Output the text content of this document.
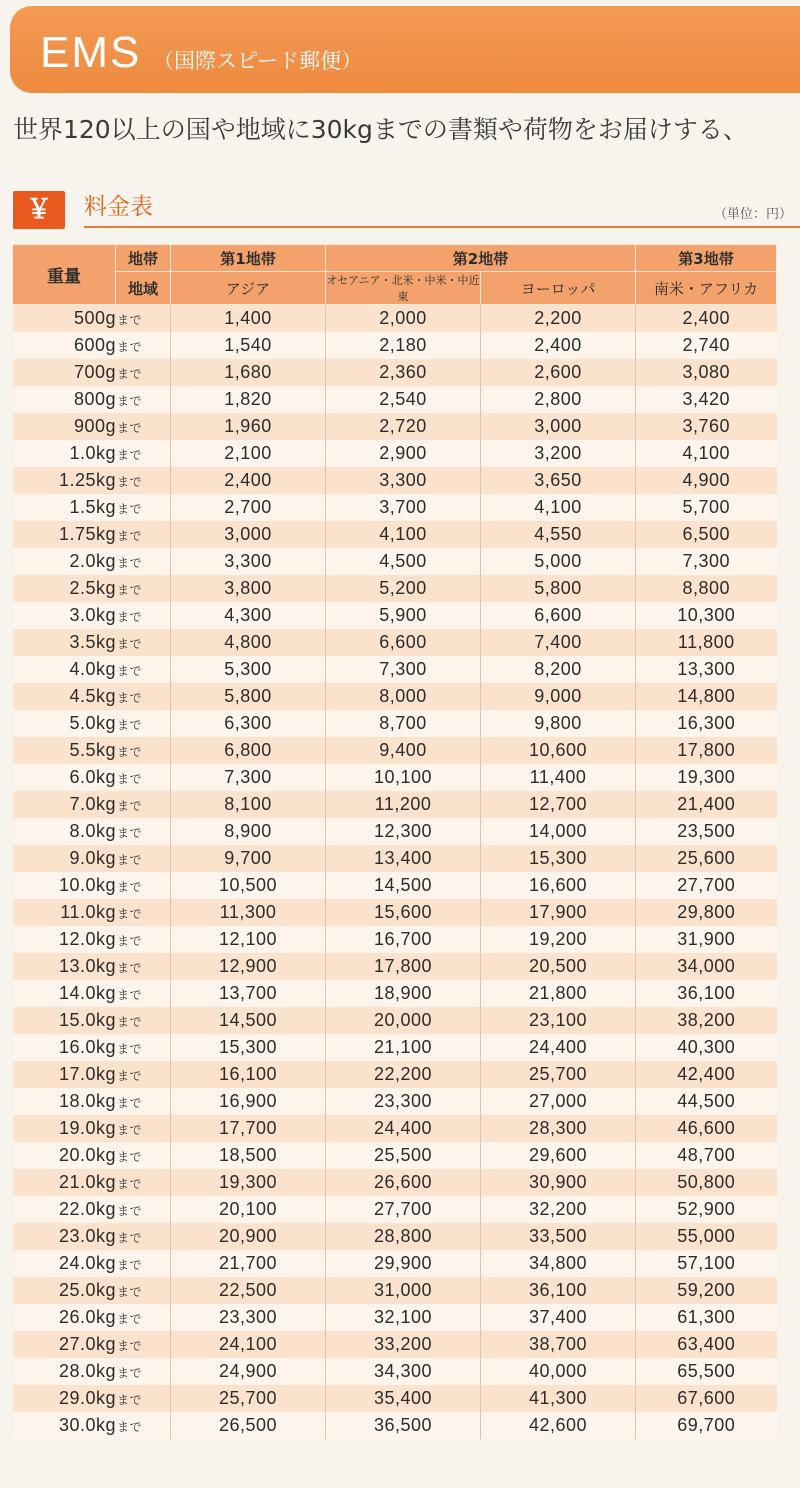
EMS （国際スピード郵便）
世界120以上の国や地域に30kgまでの書類や荷物をお届けする、
￥	料金表	（単位：円）
重量	地帯	第1地帯	第2地帯		第3地帯
	地域	アジア	オセアニア・北米・中米・中近東	ヨーロッパ	南米・アフリカ
500gまで		1,400	2,000	2,200	2,400
600gまで		1,540	2,180	2,400	2,740
700gまで		1,680	2,360	2,600	3,080
800gまで		1,820	2,540	2,800	3,420
900gまで		1,960	2,720	3,000	3,760
1.0kgまで		2,100	2,900	3,200	4,100
1.25kgまで		2,400	3,300	3,650	4,900
1.5kgまで		2,700	3,700	4,100	5,700
1.75kgまで		3,000	4,100	4,550	6,500
2.0kgまで		3,300	4,500	5,000	7,300
2.5kgまで		3,800	5,200	5,800	8,800
3.0kgまで		4,300	5,900	6,600	10,300
3.5kgまで		4,800	6,600	7,400	11,800
4.0kgまで		5,300	7,300	8,200	13,300
4.5kgまで		5,800	8,000	9,000	14,800
5.0kgまで		6,300	8,700	9,800	16,300
5.5kgまで		6,800	9,400	10,600	17,800
6.0kgまで		7,300	10,100	11,400	19,300
7.0kgまで		8,100	11,200	12,700	21,400
8.0kgまで		8,900	12,300	14,000	23,500
9.0kgまで		9,700	13,400	15,300	25,600
10.0kgまで		10,500	14,500	16,600	27,700
11.0kgまで		11,300	15,600	17,900	29,800
12.0kgまで		12,100	16,700	19,200	31,900
13.0kgまで		12,900	17,800	20,500	34,000
14.0kgまで		13,700	18,900	21,800	36,100
15.0kgまで		14,500	20,000	23,100	38,200
16.0kgまで		15,300	21,100	24,400	40,300
17.0kgまで		16,100	22,200	25,700	42,400
18.0kgまで		16,900	23,300	27,000	44,500
19.0kgまで		17,700	24,400	28,300	46,600
20.0kgまで		18,500	25,500	29,600	48,700
21.0kgまで		19,300	26,600	30,900	50,800
22.0kgまで		20,100	27,700	32,200	52,900
23.0kgまで		20,900	28,800	33,500	55,000
24.0kgまで		21,700	29,900	34,800	57,100
25.0kgまで		22,500	31,000	36,100	59,200
26.0kgまで		23,300	32,100	37,400	61,300
27.0kgまで		24,100	33,200	38,700	63,400
28.0kgまで		24,900	34,300	40,000	65,500
29.0kgまで		25,700	35,400	41,300	67,600
30.0kgまで		26,500	36,500	42,600	69,700
